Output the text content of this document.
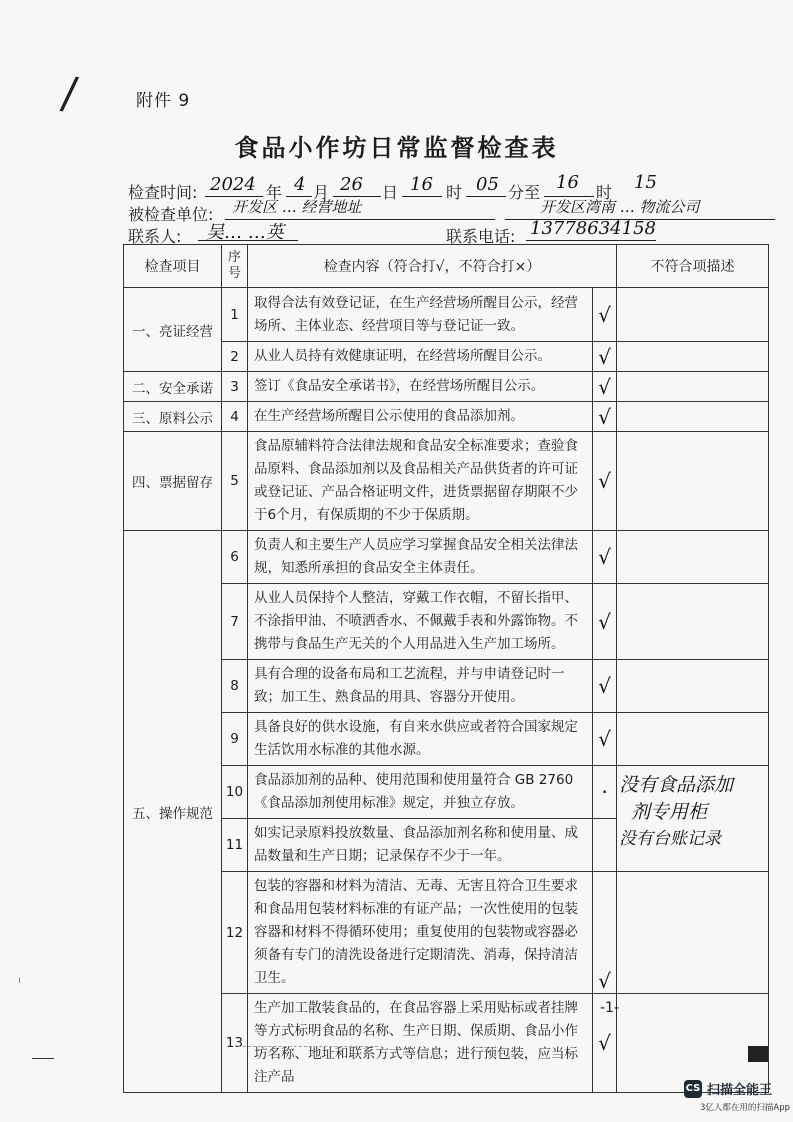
/	附件 9
食品小作坊日常监督检查表
检查时间: 2024 年 4 月 26 日 16 时 05 分至 16 时 15
被检查单位: 开发区 … 经营地址	开发区湾南 … 物流公司
联系人: 吴… …英	联系电话: 13778634158
检查项目	序号	检查内容（符合打√，不符合打×）		不符合项描述
一、亮证经营	1	取得合法有效登记证，在生产经营场所醒目公示，经营场所、主体业态、经营项目等与登记证一致。	√	
	2	从业人员持有效健康证明，在经营场所醒目公示。	√	
二、安全承诺	3	签订《食品安全承诺书》，在经营场所醒目公示。	√	
三、原料公示	4	在生产经营场所醒目公示使用的食品添加剂。	√	
四、票据留存	5	食品原辅料符合法律法规和食品安全标准要求；查验食品原料、食品添加剂以及食品相关产品供货者的许可证或登记证、产品合格证明文件，进货票据留存期限不少于6个月，有保质期的不少于保质期。	√	
五、操作规范	6	负责人和主要生产人员应学习掌握食品安全相关法律法规，知悉所承担的食品安全主体责任。	√	
	7	从业人员保持个人整洁，穿戴工作衣帽，不留长指甲、不涂指甲油、不喷洒香水、不佩戴手表和外露饰物。不携带与食品生产无关的个人用品进入生产加工场所。	√	
	8	具有合理的设备布局和工艺流程，并与申请登记时一致；加工生、熟食品的用具、容器分开使用。	√	
	9	具备良好的供水设施，有自来水供应或者符合国家规定生活饮用水标准的其他水源。	√	
	10	食品添加剂的品种、使用范围和使用量符合 GB 2760《食品添加剂使用标准》规定，并独立存放。	·	没有食品添加
剂专用柜
没有台账记录

	11	如实记录原料投放数量、食品添加剂名称和使用量、成品数量和生产日期；记录保存不少于一年。		
	12	包装的容器和材料为清洁、无毒、无害且符合卫生要求和食品用包装材料标准的有证产品；一次性使用的包装容器和材料不得循环使用；重复使用的包装物或容器必须备有专门的清洗设备进行定期清洗、消毒，保持清洁卫生。	√	
	13	生产加工散装食品的，在食品容器上采用贴标或者挂牌等方式标明食品的名称、生产日期、保质期、食品小作坊名称、地址和联系方式等信息；进行预包装，应当标注产品	√	
ı
-1-
CS 扫描全能王
3亿人都在用的扫描App
